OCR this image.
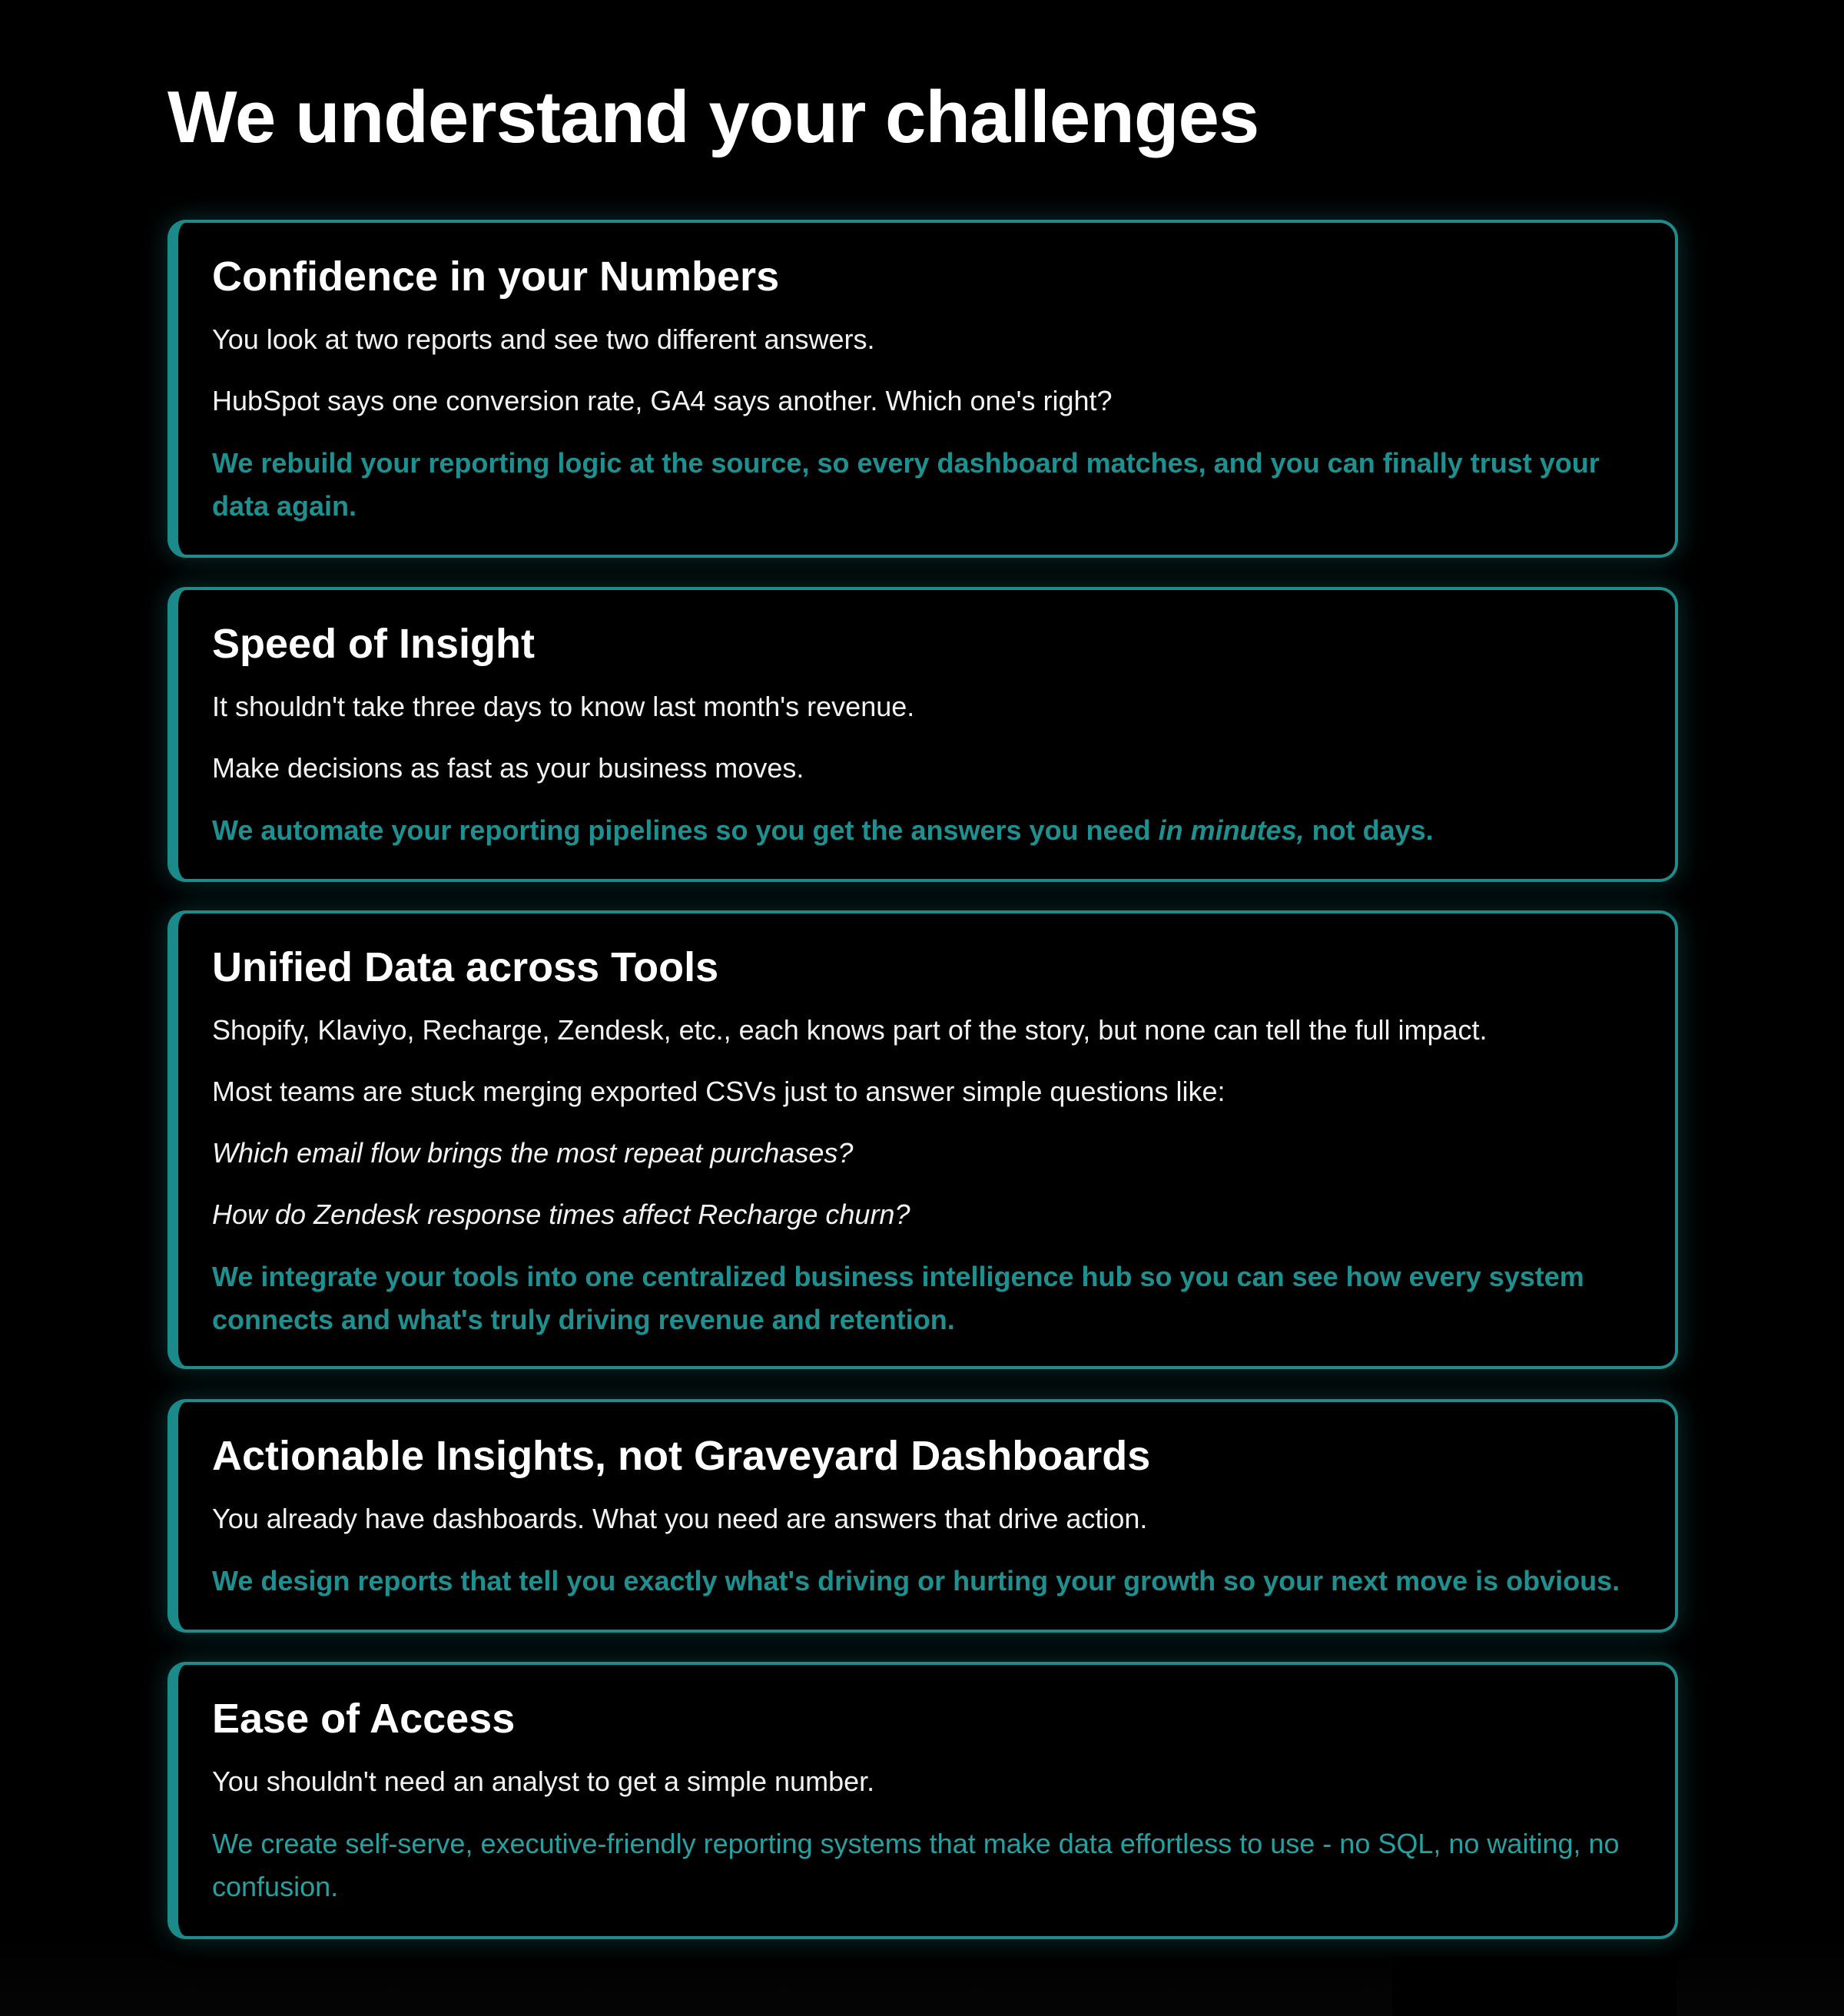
We understand your challenges
Confidence in your Numbers

You look at two reports and see two different answers.

HubSpot says one conversion rate, GA4 says another. Which one's right?

We rebuild your reporting logic at the source, so every dashboard matches, and you can finally trust your data again.

Speed of Insight

It shouldn't take three days to know last month's revenue.

Make decisions as fast as your business moves.

We automate your reporting pipelines so you get the answers you need in minutes, not days.

Unified Data across Tools

Shopify, Klaviyo, Recharge, Zendesk, etc., each knows part of the story, but none can tell the full impact.

Most teams are stuck merging exported CSVs just to answer simple questions like:

Which email flow brings the most repeat purchases?

How do Zendesk response times affect Recharge churn?

We integrate your tools into one centralized business intelligence hub so you can see how every system connects and what's truly driving revenue and retention.

Actionable Insights, not Graveyard Dashboards

You already have dashboards. What you need are answers that drive action.

We design reports that tell you exactly what's driving or hurting your growth so your next move is obvious.

Ease of Access

You shouldn't need an analyst to get a simple number.

We create self-serve, executive-friendly reporting systems that make data effortless to use - no SQL, no waiting, no confusion.
